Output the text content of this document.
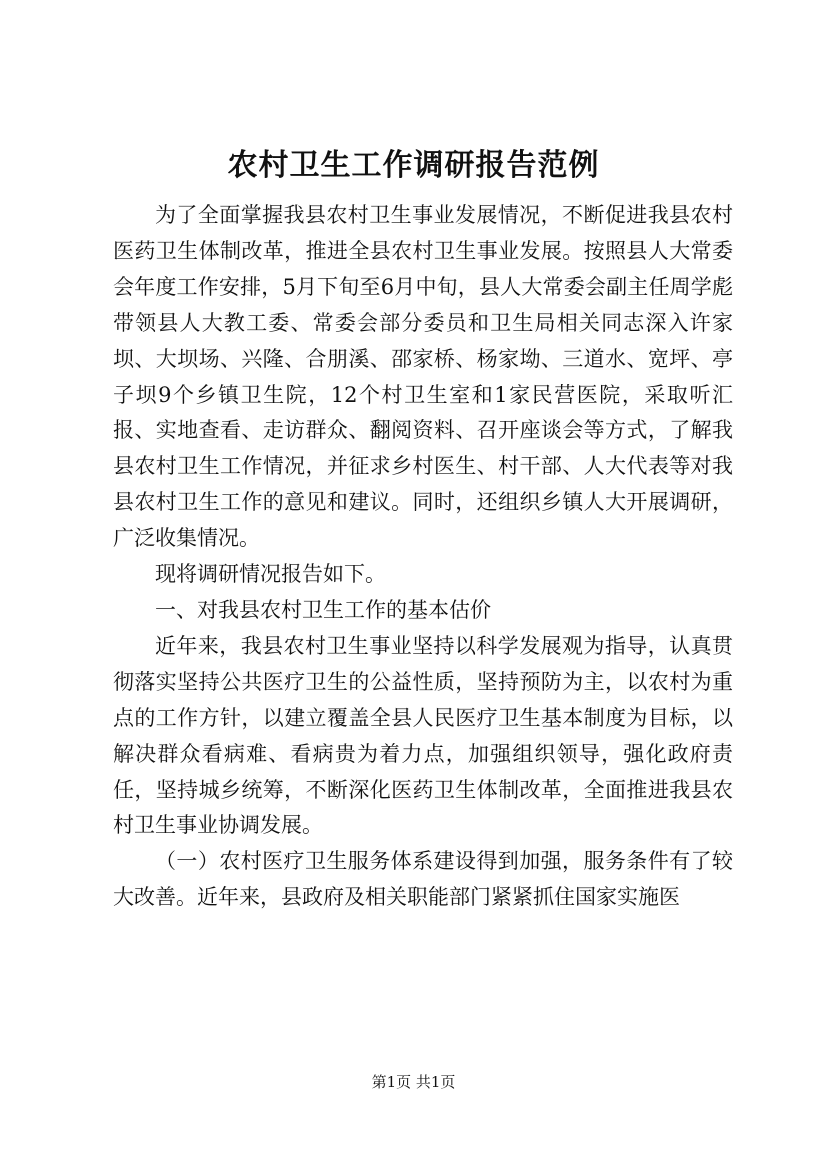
农村卫生工作调研报告范例

为了全面掌握我县农村卫生事业发展情况，不断促进我县农村医药卫生体制改革，推进全县农村卫生事业发展。按照县人大常委会年度工作安排，5月下旬至6月中旬，县人大常委会副主任周学彪带领县人大教工委、常委会部分委员和卫生局相关同志深入许家坝、大坝场、兴隆、合朋溪、邵家桥、杨家坳、三道水、宽坪、亭子坝9个乡镇卫生院，12个村卫生室和1家民营医院，采取听汇报、实地查看、走访群众、翻阅资料、召开座谈会等方式，了解我县农村卫生工作情况，并征求乡村医生、村干部、人大代表等对我县农村卫生工作的意见和建议。同时，还组织乡镇人大开展调研，广泛收集情况。

现将调研情况报告如下。

一、对我县农村卫生工作的基本估价

近年来，我县农村卫生事业坚持以科学发展观为指导，认真贯彻落实坚持公共医疗卫生的公益性质，坚持预防为主，以农村为重点的工作方针，以建立覆盖全县人民医疗卫生基本制度为目标，以解决群众看病难、看病贵为着力点，加强组织领导，强化政府责任，坚持城乡统筹，不断深化医药卫生体制改革，全面推进我县农村卫生事业协调发展。

（一）农村医疗卫生服务体系建设得到加强，服务条件有了较大改善。近年来，县政府及相关职能部门紧紧抓住国家实施医

第1页 共1页
